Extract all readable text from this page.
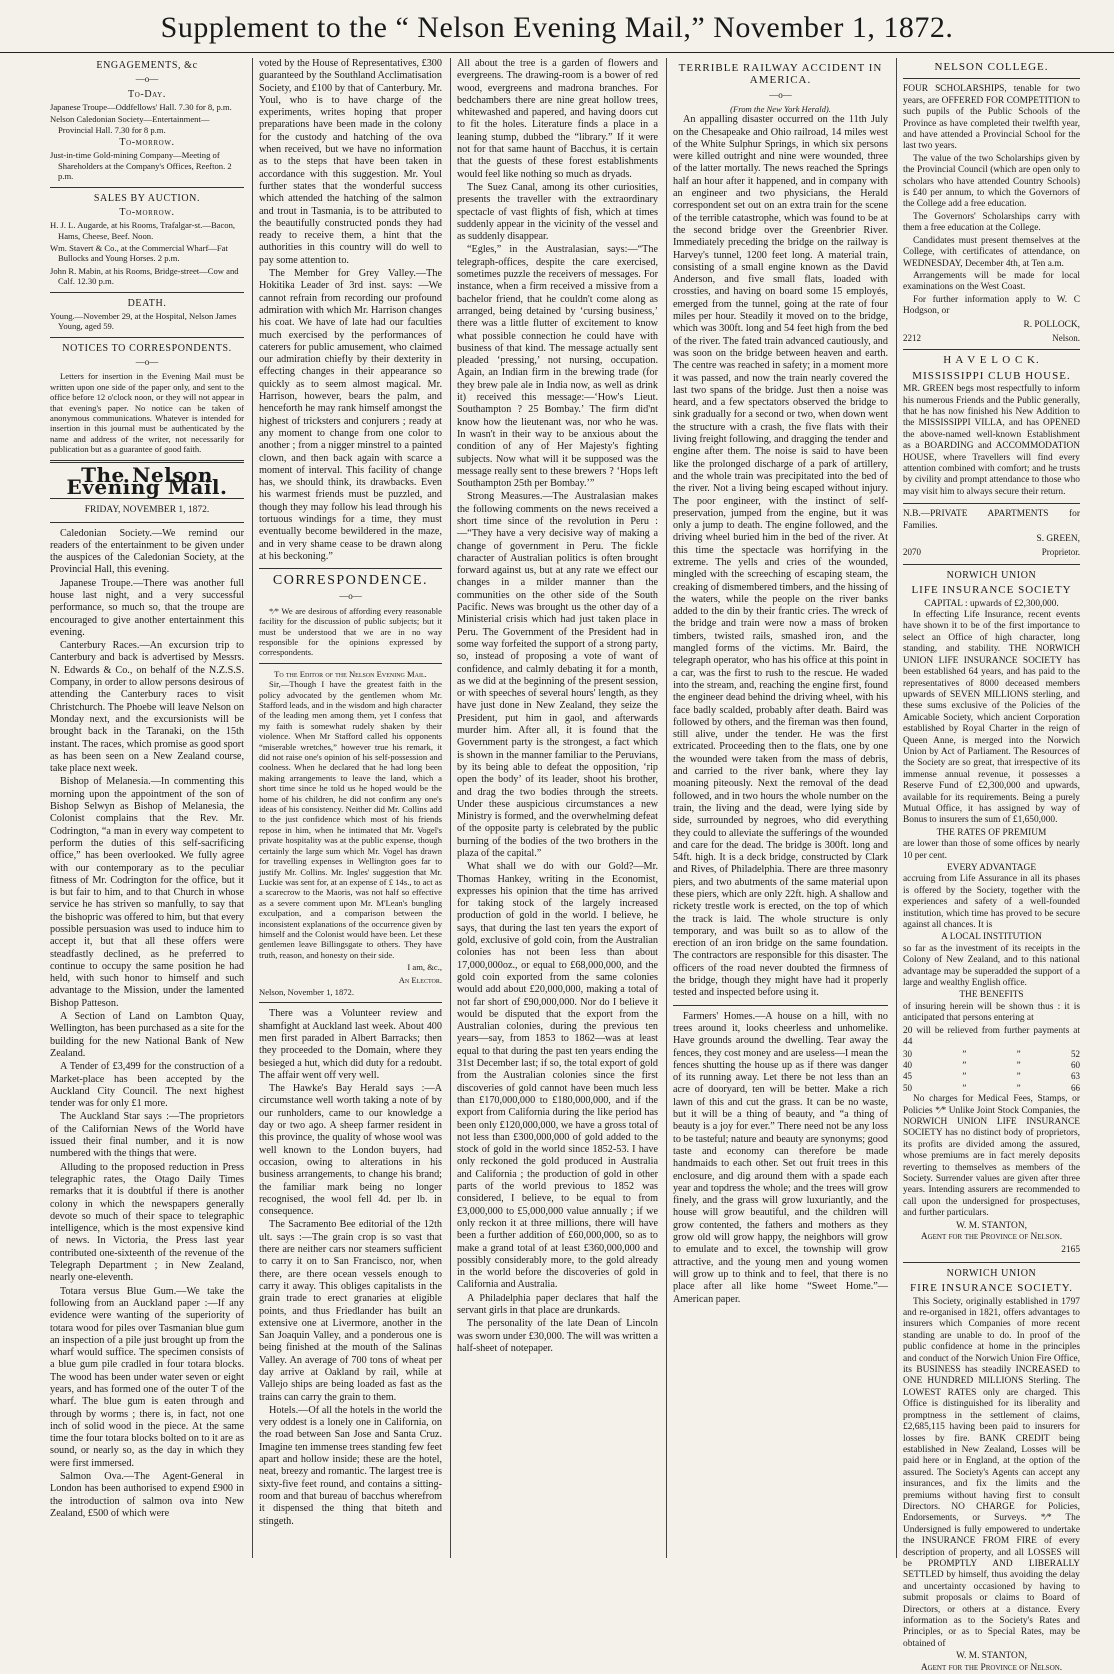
Supplement to the “ Nelson Evening Mail,” November 1, 1872.
ENGAGEMENTS, &c
—o—
To-Day.
Japanese Troupe—Oddfellows' Hall. 7.30 for 8, p.m.
Nelson Caledonian Society—Entertainment—Provincial Hall. 7.30 for 8 p.m.
To-morrow.
Just-in-time Gold-mining Company—Meeting of Shareholders at the Company's Offices, Reefton. 2 p.m.
SALES BY AUCTION.
To-morrow.
H. J. L. Augarde, at his Rooms, Trafalgar-st.—Bacon, Hams, Cheese, Beef. Noon.
Wm. Stavert & Co., at the Commercial Wharf—Fat Bullocks and Young Horses. 2 p.m.
John R. Mabin, at his Rooms, Bridge-street—Cow and Calf. 12.30 p.m.
DEATH.
Young.—November 29, at the Hospital, Nelson James Young, aged 59.
NOTICES TO CORRESPONDENTS.
—o—
Letters for insertion in the Evening Mail must be written upon one side of the paper only, and sent to the office before 12 o'clock noon, or they will not appear in that evening's paper. No notice can be taken of anonymous communications. Whatever is intended for insertion in this journal must be authenticated by the name and address of the writer, not necessarily for publication but as a guarantee of good faith.
The Nelson Evening Mail.
FRIDAY, NOVEMBER 1, 1872.

Caledonian Society.—We remind our readers of the entertainment to be given under the auspices of the Caledonian Society, at the Provincial Hall, this evening.

Japanese Troupe.—There was another full house last night, and a very successful performance, so much so, that the troupe are encouraged to give another entertainment this evening.

Canterbury Races.—An excursion trip to Canterbury and back is advertised by Messrs. N. Edwards & Co., on behalf of the N.Z.S.S. Company, in order to allow persons desirous of attending the Canterbury races to visit Christchurch. The Phoebe will leave Nelson on Monday next, and the excursionists will be brought back in the Taranaki, on the 15th instant. The races, which promise as good sport as has been seen on a New Zealand course, take place next week.

Bishop of Melanesia.—In commenting this morning upon the appointment of the son of Bishop Selwyn as Bishop of Melanesia, the Colonist complains that the Rev. Mr. Codrington, “a man in every way competent to perform the duties of this self-sacrificing office,” has been overlooked. We fully agree with our contemporary as to the peculiar fitness of Mr. Codrington for the office, but it is but fair to him, and to that Church in whose service he has striven so manfully, to say that the bishopric was offered to him, but that every possible persuasion was used to induce him to accept it, but that all these offers were steadfastly declined, as he preferred to continue to occupy the same position he had held, with such honor to himself and such advantage to the Mission, under the lamented Bishop Patteson.

A Section of Land on Lambton Quay, Wellington, has been purchased as a site for the building for the new National Bank of New Zealand.

A Tender of £3,499 for the construction of a Market-place has been accepted by the Auckland City Council. The next highest tender was for only £1 more.

The Auckland Star says :—The proprietors of the Californian News of the World have issued their final number, and it is now numbered with the things that were.

Alluding to the proposed reduction in Press telegraphic rates, the Otago Daily Times remarks that it is doubtful if there is another colony in which the newspapers generally devote so much of their space to telegraphic intelligence, which is the most expensive kind of news. In Victoria, the Press last year contributed one-sixteenth of the revenue of the Telegraph Department ; in New Zealand, nearly one-eleventh.

Totara versus Blue Gum.—We take the following from an Auckland paper :—If any evidence were wanting of the superiority of totara wood for piles over Tasmanian blue gum an inspection of a pile just brought up from the wharf would suffice. The specimen consists of a blue gum pile cradled in four totara blocks. The wood has been under water seven or eight years, and has formed one of the outer T of the wharf. The blue gum is eaten through and through by worms ; there is, in fact, not one inch of solid wood in the piece. At the same time the four totara blocks bolted on to it are as sound, or nearly so, as the day in which they were first immersed.

Salmon Ova.—The Agent-General in London has been authorised to expend £900 in the introduction of salmon ova into New Zealand, £500 of which were

voted by the House of Representatives, £300 guaranteed by the Southland Acclimatisation Society, and £100 by that of Canterbury. Mr. Youl, who is to have charge of the experiments, writes hoping that proper preparations have been made in the colony for the custody and hatching of the ova when received, but we have no information as to the steps that have been taken in accordance with this suggestion. Mr. Youl further states that the wonderful success which attended the hatching of the salmon and trout in Tasmania, is to be attributed to the beautifully constructed ponds they had ready to receive them, a hint that the authorities in this country will do well to pay some attention to.

The Member for Grey Valley.—The Hokitika Leader of 3rd inst. says: —We cannot refrain from recording our profound admiration with which Mr. Harrison changes his coat. We have of late had our faculties much exercised by the performances of caterers for public amusement, who claimed our admiration chiefly by their dexterity in effecting changes in their appearance so quickly as to seem almost magical. Mr. Harrison, however, bears the palm, and henceforth he may rank himself amongst the highest of tricksters and conjurers ; ready at any moment to change from one color to another ; from a nigger minstrel to a painted clown, and then back again with scarce a moment of interval. This facility of change has, we should think, its drawbacks. Even his warmest friends must be puzzled, and though they may follow his lead through his tortuous windings for a time, they must eventually become bewildered in the maze, and in very shame cease to be drawn along at his beckoning.”

CORRESPONDENCE.
—o—
*⁄* We are desirous of affording every reasonable facility for the discussion of public subjects; but it must be understood that we are in no way responsible for the opinions expressed by correspondents.
To the Editor of the Nelson Evening Mail.

Sir,—Though I have the greatest faith in the policy advocated by the gentlemen whom Mr. Stafford leads, and in the wisdom and high character of the leading men among them, yet I confess that my faith is somewhat rudely shaken by their violence. When Mr Stafford called his opponents “miserable wretches,” however true his remark, it did not raise one's opinion of his self-possession and coolness. When he declared that he had long been making arrangements to leave the land, which a short time since he told us he hoped would be the home of his children, he did not confirm any one's ideas of his consistency. Neither did Mr. Collins add to the just confidence which most of his friends repose in him, when he intimated that Mr. Vogel's private hospitality was at the public expense, though certainly the large sum which Mr. Vogel has drawn for travelling expenses in Wellington goes far to justify Mr. Collins. Mr. Ingles' suggestion that Mr. Luckie was sent for, at an expense of £ 14s., to act as a scarecrow to the Maoris, was not half so effective as a severe comment upon Mr. M'Lean's bungling exculpation, and a comparison between the inconsistent explanations of the occurrence given by himself and the Colonist would have been. Let these gentlemen leave Billingsgate to others. They have truth, reason, and honesty on their side.

I am, &c.,
An Elector.
Nelson, November 1, 1872.

There was a Volunteer review and shamfight at Auckland last week. About 400 men first paraded in Albert Barracks; then they proceeded to the Domain, where they besieged a hut, which did duty for a redoubt. The affair went off very well.

The Hawke's Bay Herald says :—A circumstance well worth taking a note of by our runholders, came to our knowledge a day or two ago. A sheep farmer resident in this province, the quality of whose wool was well known to the London buyers, had occasion, owing to alterations in his business arrangements, to change his brand; the familiar mark being no longer recognised, the wool fell 4d. per lb. in consequence.

The Sacramento Bee editorial of the 12th ult. says :—The grain crop is so vast that there are neither cars nor steamers sufficient to carry it on to San Francisco, nor, when there, are there ocean vessels enough to carry it away. This obliges capitalists in the grain trade to erect granaries at eligible points, and thus Friedlander has built an extensive one at Livermore, another in the San Joaquin Valley, and a ponderous one is being finished at the mouth of the Salinas Valley. An average of 700 tons of wheat per day arrive at Oakland by rail, while at Vallejo ships are being loaded as fast as the trains can carry the grain to them.

Hotels.—Of all the hotels in the world the very oddest is a lonely one in California, on the road between San Jose and Santa Cruz. Imagine ten immense trees standing few feet apart and hollow inside; these are the hotel, neat, breezy and romantic. The largest tree is sixty-five feet round, and contains a sitting-room and that bureau of bacchus wherefrom it dispensed the thing that biteth and stingeth.

All about the tree is a garden of flowers and evergreens. The drawing-room is a bower of red wood, evergreens and madrona branches. For bedchambers there are nine great hollow trees, whitewashed and papered, and having doors cut to fit the holes. Literature finds a place in a leaning stump, dubbed the “library.” If it were not for that same haunt of Bacchus, it is certain that the guests of these forest establishments would feel like nothing so much as dryads.

The Suez Canal, among its other curiosities, presents the traveller with the extraordinary spectacle of vast flights of fish, which at times suddenly appear in the vicinity of the vessel and as suddenly disappear.

“Egles,” in the Australasian, says:—“The telegraph-offices, despite the care exercised, sometimes puzzle the receivers of messages. For instance, when a firm received a missive from a bachelor friend, that he couldn't come along as arranged, being detained by ‘cursing business,’ there was a little flutter of excitement to know what possible connection he could have with business of that kind. The message actually sent pleaded ‘pressing,’ not nursing, occupation. Again, an Indian firm in the brewing trade (for they brew pale ale in India now, as well as drink it) received this message:—‘How's Lieut. Southampton ? 25 Bombay.’ The firm did'nt know how the lieutenant was, nor who he was. In wasn't in their way to be anxious about the condition of any of Her Majesty's fighting subjects. Now what will it be supposed was the message really sent to these brewers ? ‘Hops left Southampton 25th per Bombay.’”

Strong Measures.—The Australasian makes the following comments on the news received a short time since of the revolution in Peru :—“They have a very decisive way of making a change of government in Peru. The fickle character of Australian politics is often brought forward against us, but at any rate we effect our changes in a milder manner than the communities on the other side of the South Pacific. News was brought us the other day of a Ministerial crisis which had just taken place in Peru. The Government of the President had in some way forfeited the support of a strong party, so, instead of proposing a vote of want of confidence, and calmly debating it for a month, as we did at the beginning of the present session, or with speeches of several hours' length, as they have just done in New Zealand, they seize the President, put him in gaol, and afterwards murder him. After all, it is found that the Government party is the strongest, a fact which is shown in the manner familiar to the Peruvians, by its being able to defeat the opposition, ‘rip open the body’ of its leader, shoot his brother, and drag the two bodies through the streets. Under these auspicious circumstances a new Ministry is formed, and the overwhelming defeat of the opposite party is celebrated by the public burning of the bodies of the two brothers in the plaza of the capital.”

What shall we do with our Gold?—Mr. Thomas Hankey, writing in the Economist, expresses his opinion that the time has arrived for taking stock of the largely increased production of gold in the world. I believe, he says, that during the last ten years the export of gold, exclusive of gold coin, from the Australian colonies has not been less than about 17,000,000oz., or equal to £68,000,000, and the gold coin exported from the same colonies would add about £20,000,000, making a total of not far short of £90,000,000. Nor do I believe it would be disputed that the export from the Australian colonies, during the previous ten years—say, from 1853 to 1862—was at least equal to that during the past ten years ending the 31st December last; if so, the total export of gold from the Australian colonies since the first discoveries of gold cannot have been much less than £170,000,000 to £180,000,000, and if the export from California during the like period has been only £120,000,000, we have a gross total of not less than £300,000,000 of gold added to the stock of gold in the world since 1852-53. I have only reckoned the gold produced in Australia and California ; the production of gold in other parts of the world previous to 1852 was considered, I believe, to be equal to from £3,000,000 to £5,000,000 value annually ; if we only reckon it at three millions, there will have been a further addition of £60,000,000, so as to make a grand total of at least £360,000,000 and possibly considerably more, to the gold already in the world before the discoveries of gold in California and Australia.

A Philadelphia paper declares that half the servant girls in that place are drunkards.

The personality of the late Dean of Lincoln was sworn under £30,000. The will was written a half-sheet of notepaper.

TERRIBLE RAILWAY ACCIDENT IN AMERICA.
—o—
(From the New York Herald).

An appalling disaster occurred on the 11th July on the Chesapeake and Ohio railroad, 14 miles west of the White Sulphur Springs, in which six persons were killed outright and nine were wounded, three of the latter mortally. The news reached the Springs half an hour after it happened, and in company with an engineer and two physicians, the Herald correspondent set out on an extra train for the scene of the terrible catastrophe, which was found to be at the second bridge over the Greenbrier River. Immediately preceding the bridge on the railway is Harvey's tunnel, 1200 feet long. A material train, consisting of a small engine known as the David Anderson, and five small flats, loaded with crossties, and having on board some 15 employés, emerged from the tunnel, going at the rate of four miles per hour. Steadily it moved on to the bridge, which was 300ft. long and 54 feet high from the bed of the river. The fated train advanced cautiously, and was soon on the bridge between heaven and earth. The centre was reached in safety; in a moment more it was passed, and now the train nearly covered the last two spans of the bridge. Just then a noise was heard, and a few spectators observed the bridge to sink gradually for a second or two, when down went the structure with a crash, the five flats with their living freight following, and dragging the tender and engine after them. The noise is said to have been like the prolonged discharge of a park of artillery, and the whole train was precipitated into the bed of the river. Not a living being escaped without injury. The poor engineer, with the instinct of self-preservation, jumped from the engine, but it was only a jump to death. The engine followed, and the driving wheel buried him in the bed of the river. At this time the spectacle was horrifying in the extreme. The yells and cries of the wounded, mingled with the screeching of escaping steam, the creaking of dismembered timbers, and the hissing of the waters, while the people on the river banks added to the din by their frantic cries. The wreck of the bridge and train were now a mass of broken timbers, twisted rails, smashed iron, and the mangled forms of the victims. Mr. Baird, the telegraph operator, who has his office at this point in a car, was the first to rush to the rescue. He waded into the stream, and, reaching the engine first, found the engineer dead behind the driving wheel, with his face badly scalded, probably after death. Baird was followed by others, and the fireman was then found, still alive, under the tender. He was the first extricated. Proceeding then to the flats, one by one the wounded were taken from the mass of debris, and carried to the river bank, where they lay moaning piteously. Next the removal of the dead followed, and in two hours the whole number on the train, the living and the dead, were lying side by side, surrounded by negroes, who did everything they could to alleviate the sufferings of the wounded and care for the dead. The bridge is 300ft. long and 54ft. high. It is a deck bridge, constructed by Clark and Rives, of Philadelphia. There are three masonry piers, and two abutments of the same material upon these piers, which are only 22ft. high. A shallow and rickety trestle work is erected, on the top of which the track is laid. The whole structure is only temporary, and was built so as to allow of the erection of an iron bridge on the same foundation. The contractors are responsible for this disaster. The officers of the road never doubted the firmness of the bridge, though they might have had it properly tested and inspected before using it.

Farmers' Homes.—A house on a hill, with no trees around it, looks cheerless and unhomelike. Have grounds around the dwelling. Tear away the fences, they cost money and are useless—I mean the fences shutting the house up as if there was danger of its running away. Let there be not less than an acre of dooryard, ten will be better. Make a rich lawn of this and cut the grass. It can be no waste, but it will be a thing of beauty, and “a thing of beauty is a joy for ever.” There need not be any loss to be tasteful; nature and beauty are synonyms; good taste and economy can therefore be made handmaids to each other. Set out fruit trees in this enclosure, and dig around them with a spade each year and topdress the whole; and the trees will grow finely, and the grass will grow luxuriantly, and the house will grow beautiful, and the children will grow contented, the fathers and mothers as they grow old will grow happy, the neighbors will grow to emulate and to excel, the township will grow attractive, and the young men and young women will grow up to think and to feel, that there is no place after all like home “Sweet Home.”—American paper.

NELSON COLLEGE.

FOUR SCHOLARSHIPS, tenable for two years, are OFFERED FOR COMPETITION to such pupils of the Public Schools of the Province as have completed their twelfth year, and have attended a Provincial School for the last two years.

The value of the two Scholarships given by the Provincial Council (which are open only to scholars who have attended Country Schools) is £40 per annum, to which the Governors of the College add a free education.

The Governors' Scholarships carry with them a free education at the College.

Candidates must present themselves at the College, with certificates of attendance, on WEDNESDAY, December 4th, at Ten a.m.

Arrangements will be made for local examinations on the West Coast.

For further information apply to W. C Hodgson, or

R. POLLOCK,
2212	Nelson.
H A V E L O C K.
MISSISSIPPI CLUB HOUSE.

MR. GREEN begs most respectfully to inform his numerous Friends and the Public generally, that he has now finished his New Addition to the MISSISSIPPI VILLA, and has OPENED the above-named well-known Establishment as a BOARDING and ACCOMMODATION HOUSE, where Travellers will find every attention combined with comfort; and he trusts by civility and prompt attendance to those who may visit him to always secure their return.

N.B.—PRIVATE APARTMENTS for Families.
S. GREEN,
2070	Proprietor.
NORWICH UNION
LIFE INSURANCE SOCIETY
CAPITAL : upwards of £2,300,000.

In effecting Life Insurance, recent events have shown it to be of the first importance to select an Office of high character, long standing, and stability. THE NORWICH UNION LIFE INSURANCE SOCIETY has been established 64 years, and has paid to the representatives of 8000 deceased members upwards of SEVEN MILLIONS sterling, and these sums exclusive of the Policies of the Amicable Society, which ancient Corporation established by Royal Charter in the reign of Queen Anne, is merged into the Norwich Union by Act of Parliament. The Resources of the Society are so great, that irrespective of its immense annual revenue, it possesses a Reserve Fund of £2,300,000 and upwards, available for its requirements. Being a purely Mutual Office, it has assigned by way of Bonus to insurers the sum of £1,650,000.

THE RATES OF PREMIUM

are lower than those of some offices by nearly 10 per cent.

EVERY ADVANTAGE

accruing from Life Assurance in all its phases is offered by the Society, together with the experiences and safety of a well-founded institution, which time has proved to be secure against all chances. It is

A LOCAL INSTITUTION

so far as the investment of its receipts in the Colony of New Zealand, and to this national advantage may be superadded the support of a large and wealthy English office.

THE BENEFITS

of insuring herein will be shown thus : it is anticipated that persons entering at

20 will be relieved from further payments at 44
30	”	”	52
40	”	”	60
45	”	”	63
50	”	”	66

No charges for Medical Fees, Stamps, or Policies *⁄* Unlike Joint Stock Companies, the NORWICH UNION LIFE INSURANCE SOCIETY has no distinct body of proprietors, its profits are divided among the assured, whose premiums are in fact merely deposits reverting to themselves as members of the Society. Surrender values are given after three years. Intending assurers are recommended to call upon the undersigned for prospectuses, and further particulars.

W. M. STANTON,
Agent for the Province of Nelson.
2165
NORWICH UNION
FIRE INSURANCE SOCIETY.

This Society, originally established in 1797 and re-organised in 1821, offers advantages to insurers which Companies of more recent standing are unable to do. In proof of the public confidence at home in the principles and conduct of the Norwich Union Fire Office, its BUSINESS has steadily INCREASED to ONE HUNDRED MILLIONS Sterling. The LOWEST RATES only are charged. This Office is distinguished for its liberality and promptness in the settlement of claims, £2,685,115 having been paid to insurers for losses by fire. BANK CREDIT being established in New Zealand, Losses will be paid here or in England, at the option of the assured. The Society's Agents can accept any insurances, and fix the limits and the premiums without having first to consult Directors. NO CHARGE for Policies, Endorsements, or Surveys. *⁄* The Undersigned is fully empowered to undertake the INSURANCE FROM FIRE of every description of property, and all LOSSES will be PROMPTLY AND LIBERALLY SETTLED by himself, thus avoiding the delay and uncertainty occasioned by having to submit proposals or claims to Board of Directors, or others at a distance. Every information as to the Society's Rates and Principles, or as to Special Rates, may be obtained of

W. M. STANTON,
Agent for the Province of Nelson.
